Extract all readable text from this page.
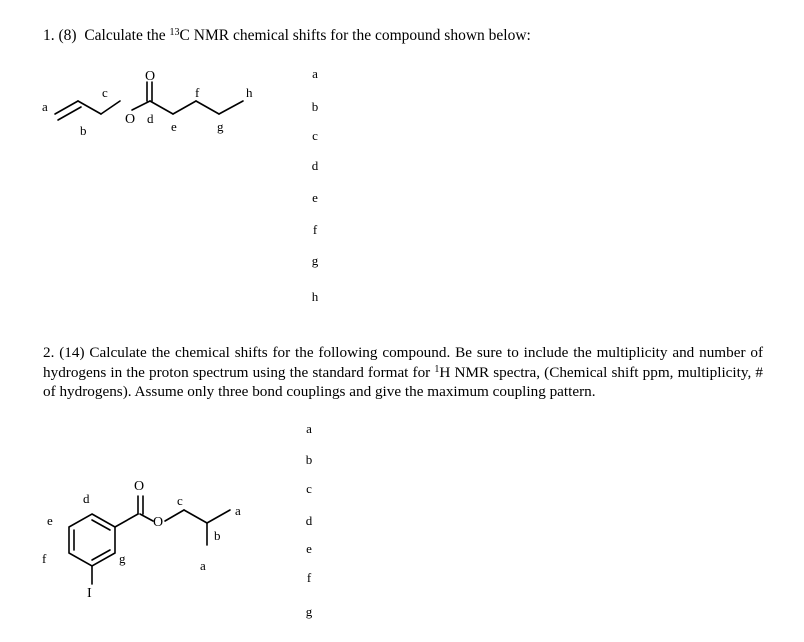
1. (8) Calculate the $^{13}$C NMR chemical shifts for the compound shown below:
O
O
a
b
c
d
e
f
g
h
O
O
I
d	c
a
e
b
f	g	a
a
b
c
d
e
f
g
h
2. (14) Calculate the chemical shifts for the following compound. Be sure to include the multiplicity and number of hydrogens in the proton spectrum using the standard format for $^1$H NMR spectra, (Chemical shift ppm, multiplicity, # of hydrogens). Assume only three bond couplings and give the maximum coupling pattern.
a
b
c
d
e
f
g
